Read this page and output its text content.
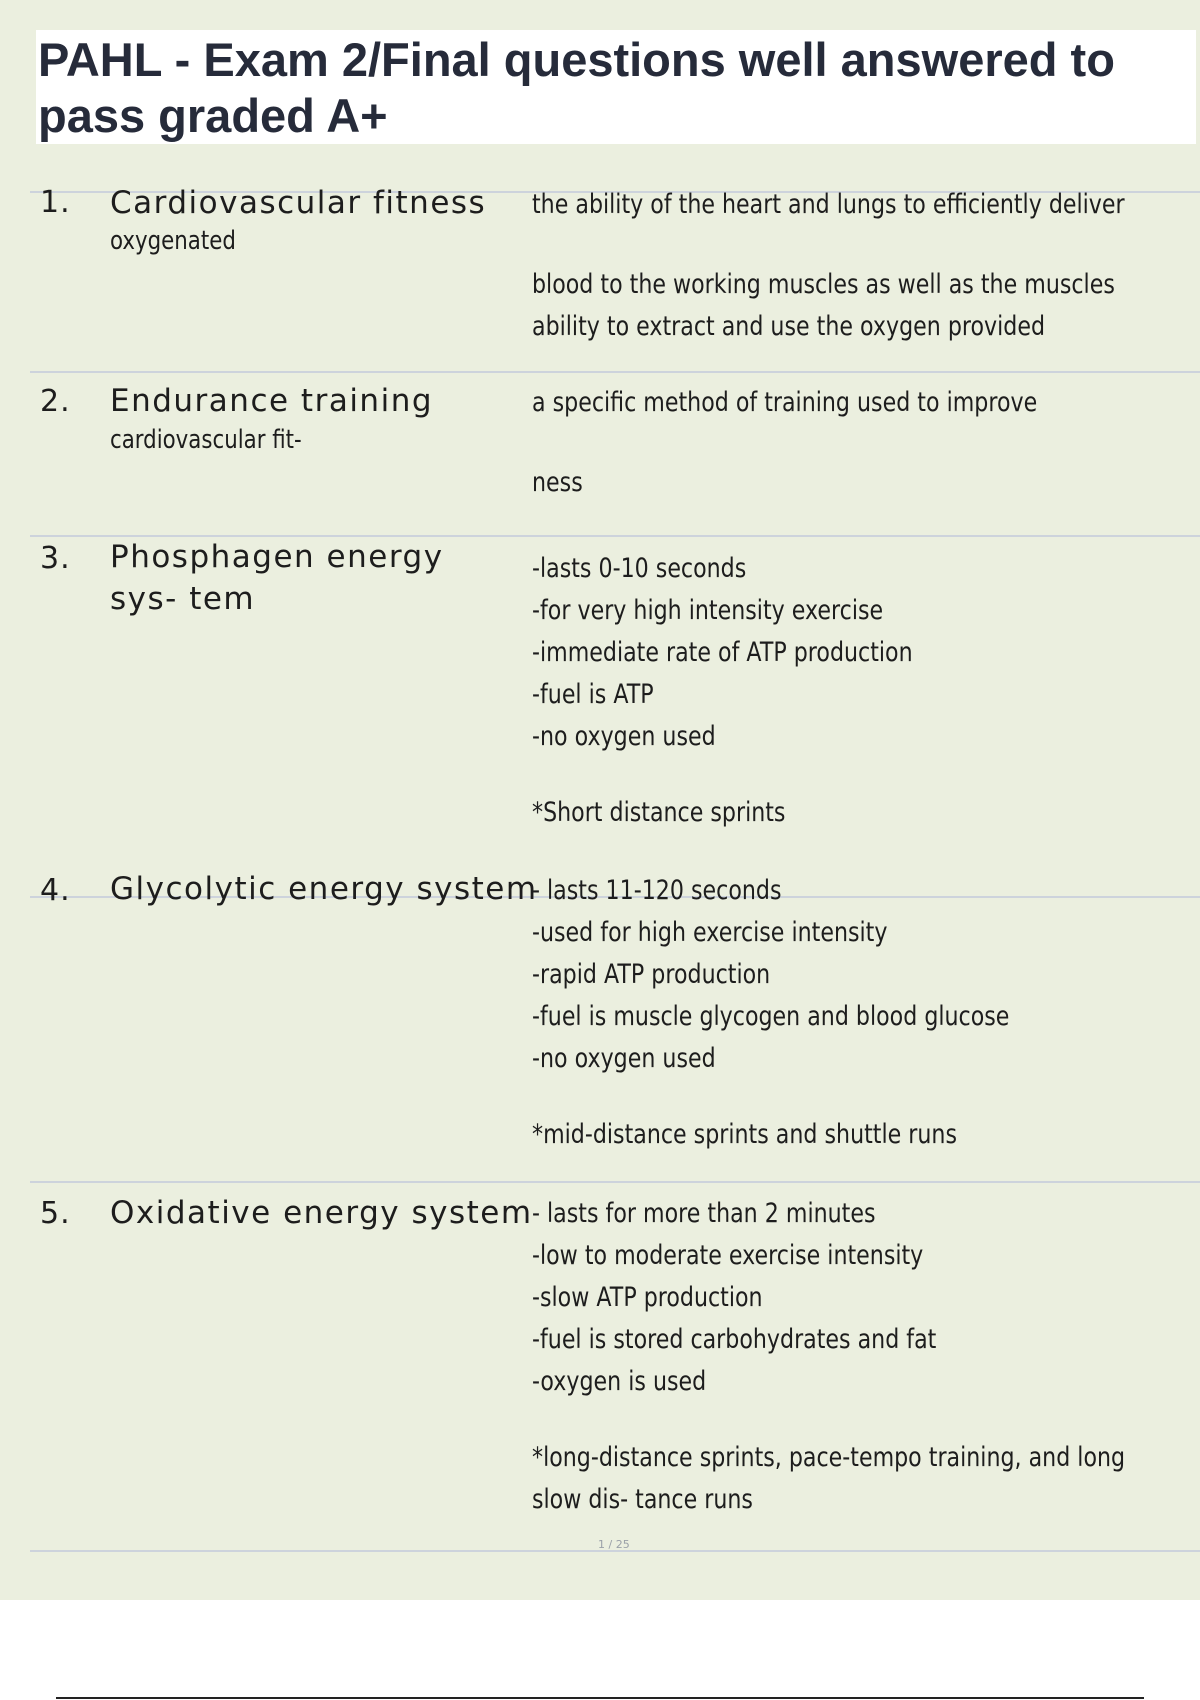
PAHL - Exam 2/Final questions well answered to pass graded A+
1. Cardiovascular fitness
oxygenated
the ability of the heart and lungs to efficiently deliver
blood to the working muscles as well as the muscles
ability to extract and use the oxygen provided
2. Endurance training
cardiovascular fit-
a specific method of training used to improve
ness
3. Phosphagen energy
sys- tem
-lasts 0-10 seconds
-for very high intensity exercise
-immediate rate of ATP production
-fuel is ATP
-no oxygen used
*Short distance sprints
4. Glycolytic energy system
- lasts 11-120 seconds
-used for high exercise intensity
-rapid ATP production
-fuel is muscle glycogen and blood glucose
-no oxygen used
*mid-distance sprints and shuttle runs
5. Oxidative energy system - lasts for more than 2 minutes
-low to moderate exercise intensity
-slow ATP production
-fuel is stored carbohydrates and fat
-oxygen is used
*long-distance sprints, pace-tempo training, and long
slow dis- tance runs
1 / 25
